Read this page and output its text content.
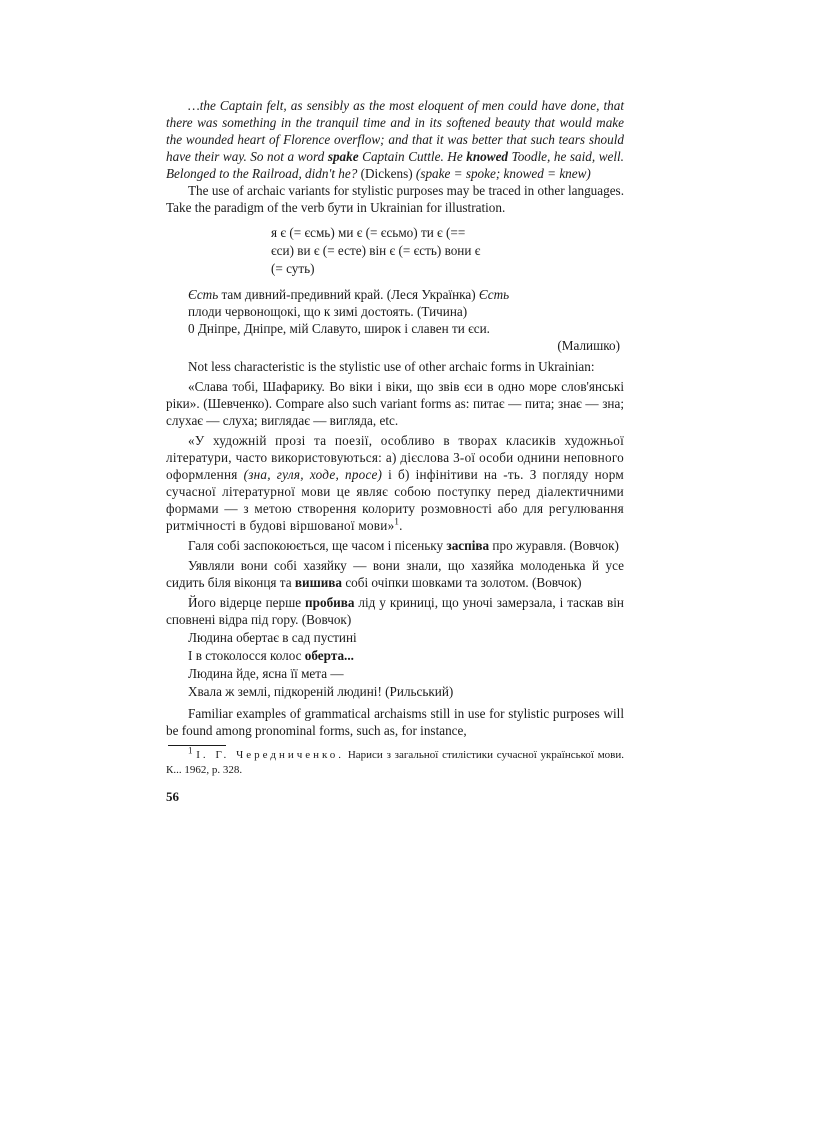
…the Captain felt, as sensibly as the most eloquent of men could have done, that there was something in the tranquil time and in its softened beauty that would make the wounded heart of Florence overflow; and that it was better that such tears should have their way. So not a word spake Captain Cuttle. He knowed Toodle, he said, well. Belonged to the Railroad, didn't he? (Dickens) (spake = spoke; knowed = knew)

The use of archaic variants for stylistic purposes may be traced in other languages. Take the paradigm of the verb бути in Ukrainian for illustration.

я є (= єсмь) ми є (= єсьмо) ти є (==

єси) ви є (= есте) він є (= єсть) вони є

(= суть)

Єсть там дивний-предивний край. (Леся Українка) Єсть

плоди червонощокі, що к зимі достоять. (Тичина)

0 Дніпре, Дніпре, мій Славуто, широк і славен ти єси.

(Малишко)

Not less characteristic is the stylistic use of other archaic forms in Ukrainian:

«Слава тобі, Шафарику. Во віки і віки, що звів єси в одно море слов'янські ріки». (Шевченко). Compare also such variant forms as: питає — пита; знає — зна; слухає — слуха; виглядає — вигляда, etc.

«У художній прозі та поезії, особливо в творах класиків художньої літератури, часто використовуються: а) дієслова 3-ої особи однини неповного оформлення (зна, гуля, ходе, просе) і б) інфінітиви на -ть. З погляду норм сучасної літературної мови це являє собою поступку перед діалектичними формами — з метою створення колориту розмовності або для регулювання ритмічності в будові віршованої мови»$^1$.

Галя собі заспокоюється, ще часом і пісеньку заспіва про журавля. (Вовчок)

Уявляли вони собі хазяйку — вони знали, що хазяйка молоденька й усе сидить біля віконця та вишива собі очіпки шовками та золотом. (Вовчок)

Його відерце перше пробива лід у криниці, що уночі замерзала, і таскав він сповнені відра під гору. (Вовчок)

Людина обертає в сад пустині

І в стоколосся колос оберта...

Людина йде, ясна її мета —

Хвала ж землі, підкореній людині! (Рильський)

Familiar examples of grammatical archaisms still in use for stylistic purposes will be found among pronominal forms, such as, for instance,

$^1$ І. Г. Чередниченко. Нариси з загальної стилістики сучасної української мови. К... 1962, p. 328.

56
